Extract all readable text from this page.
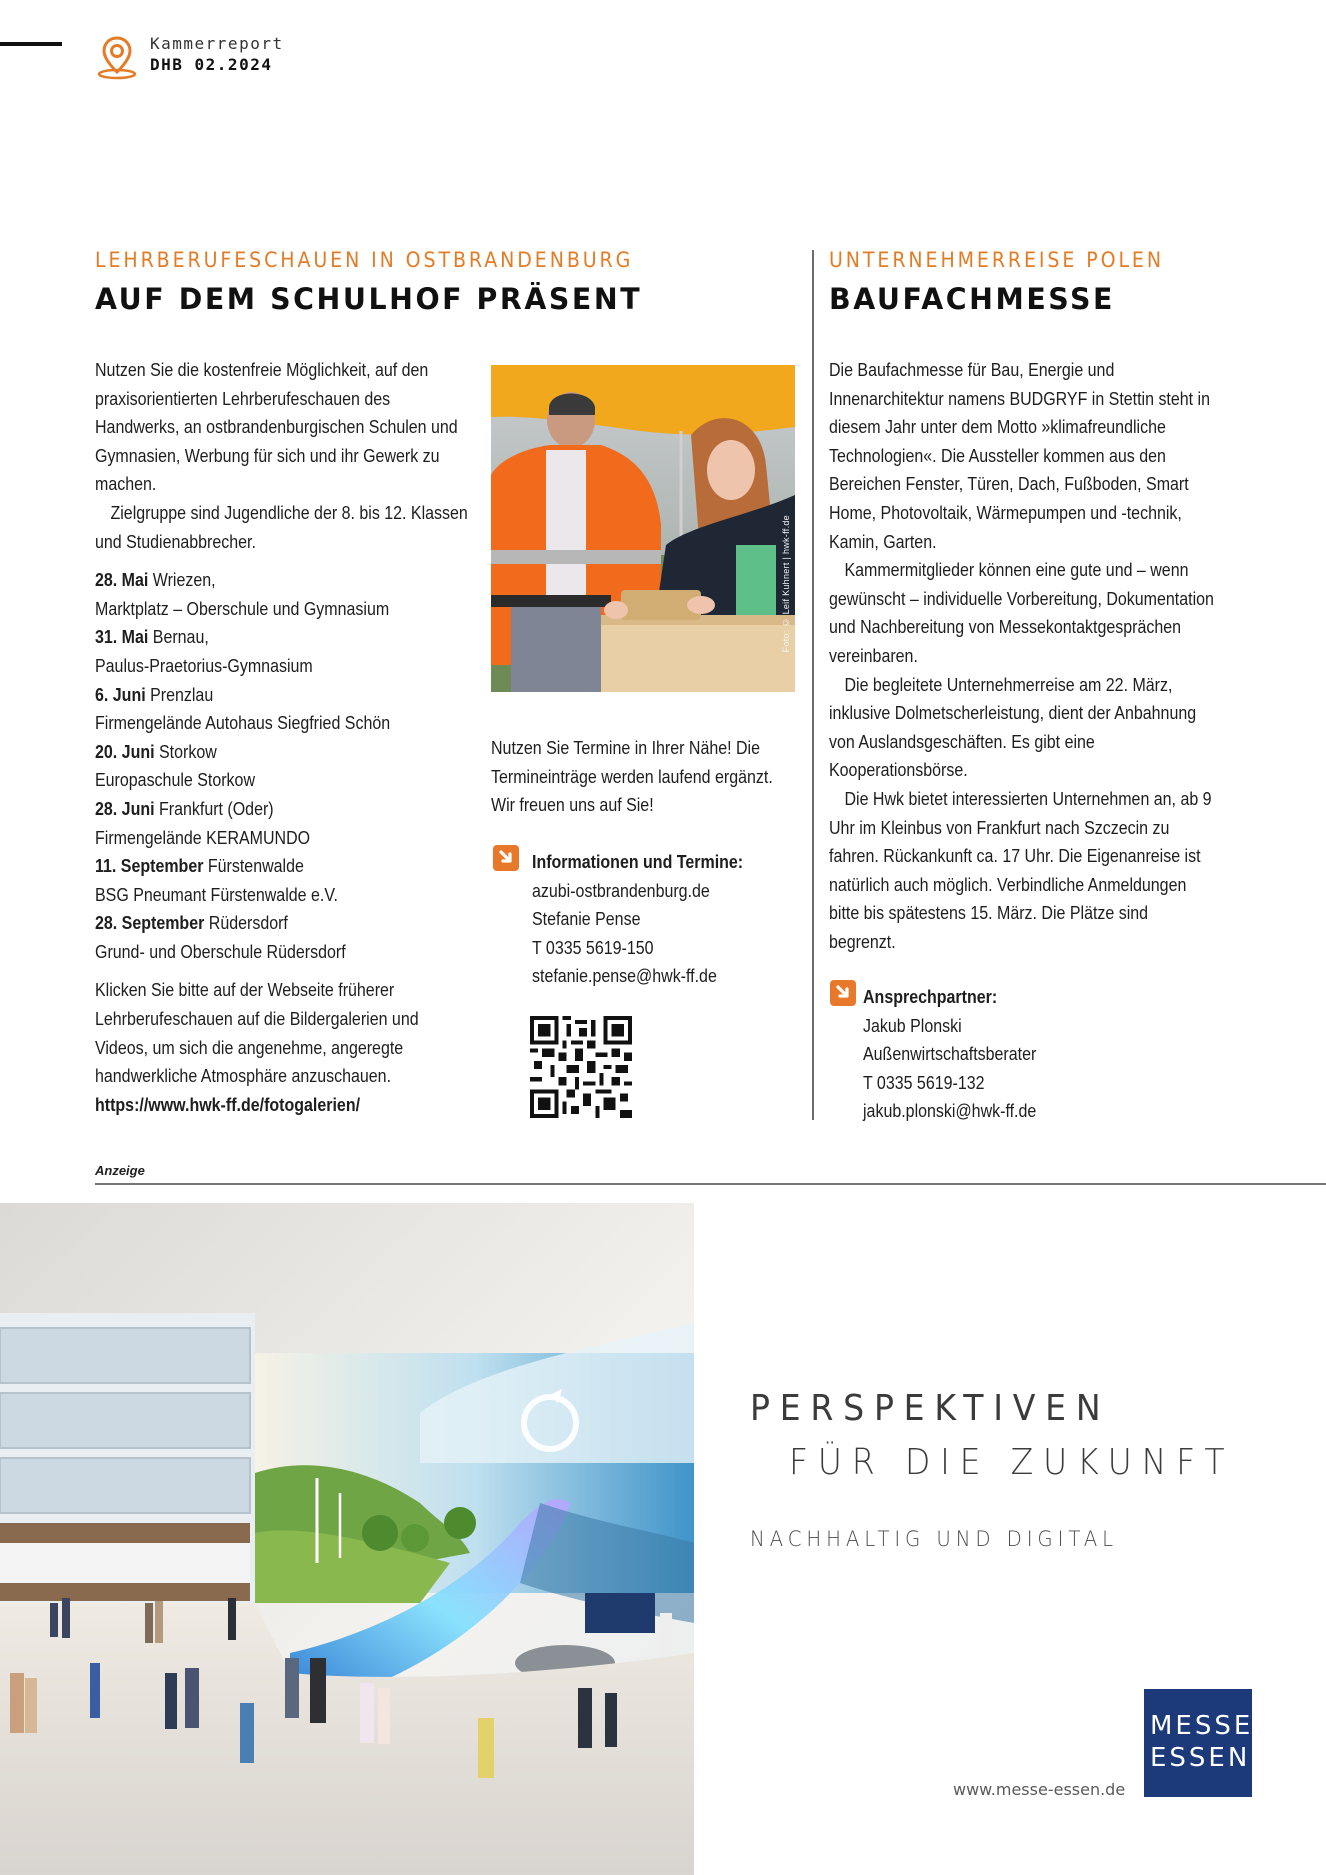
Kammerreport
DHB 02.2024
LEHRBERUFESCHAUEN IN OSTBRANDENBURG
AUF DEM SCHULHOF PRÄSENT
UNTERNEHMERREISE POLEN
BAUFACHMESSE

Nutzen Sie die kostenfreie Möglichkeit, auf den praxisorientierten Lehrberufeschauen des Handwerks, an ostbrandenburgischen Schulen und Gymnasien, Werbung für sich und ihr Gewerk zu machen.

Zielgruppe sind Jugendliche der 8. bis 12. Klassen und Studienabbrecher.

28. Mai Wriezen,

Marktplatz – Oberschule und Gymnasium

31. Mai Bernau,

Paulus-Praetorius-Gymnasium

6. Juni Prenzlau

Firmengelände Autohaus Siegfried Schön

20. Juni Storkow

Europaschule Storkow

28. Juni Frankfurt (Oder)

Firmengelände KERAMUNDO

11. September Fürstenwalde

BSG Pneumant Fürstenwalde e.V.

28. September Rüdersdorf

Grund- und Oberschule Rüdersdorf

Klicken Sie bitte auf der Webseite früherer Lehrberufeschauen auf die Bildergalerien und Videos, um sich die angenehme, angeregte handwerkliche Atmosphäre anzuschauen.

https://www.hwk-ff.de/fotogalerien/

Foto: © Leif Kuhnert | hwk-ff.de

Nutzen Sie Termine in Ihrer Nähe! Die Termineinträge werden laufend ergänzt. Wir freuen uns auf Sie!

Informationen und Termine:

azubi-ostbrandenburg.de

Stefanie Pense

T 0335 5619-150

stefanie.pense@hwk-ff.de

Die Baufachmesse für Bau, Energie und Innenarchitektur namens BUDGRYF in Stettin steht in diesem Jahr unter dem Motto »klimafreundliche Technologien«. Die Aussteller kommen aus den Bereichen Fenster, Türen, Dach, Fußboden, Smart Home, Photovoltaik, Wärmepumpen und -technik, Kamin, Garten.

Kammermitglieder können eine gute und – wenn gewünscht – individuelle Vorbereitung, Dokumentation und Nachbereitung von Messekontaktgesprächen vereinbaren.

Die begleitete Unternehmerreise am 22. März, inklusive Dolmetscherleistung, dient der Anbahnung von Auslandsgeschäften. Es gibt eine Kooperationsbörse.

Die Hwk bietet interessierten Unternehmen an, ab 9 Uhr im Kleinbus von Frankfurt nach Szczecin zu fahren. Rückankunft ca. 17 Uhr. Die Eigenanreise ist natürlich auch möglich. Verbindliche Anmeldungen bitte bis spätestens 15. März. Die Plätze sind begrenzt.

Ansprechpartner:

Jakub Plonski

Außenwirtschaftsberater

T 0335 5619-132

jakub.plonski@hwk-ff.de

Anzeige
PERSPEKTIVEN
FÜR DIE ZUKUNFT
NACHHALTIG UND DIGITAL
www.messe-essen.de
MESSE
ESSEN
